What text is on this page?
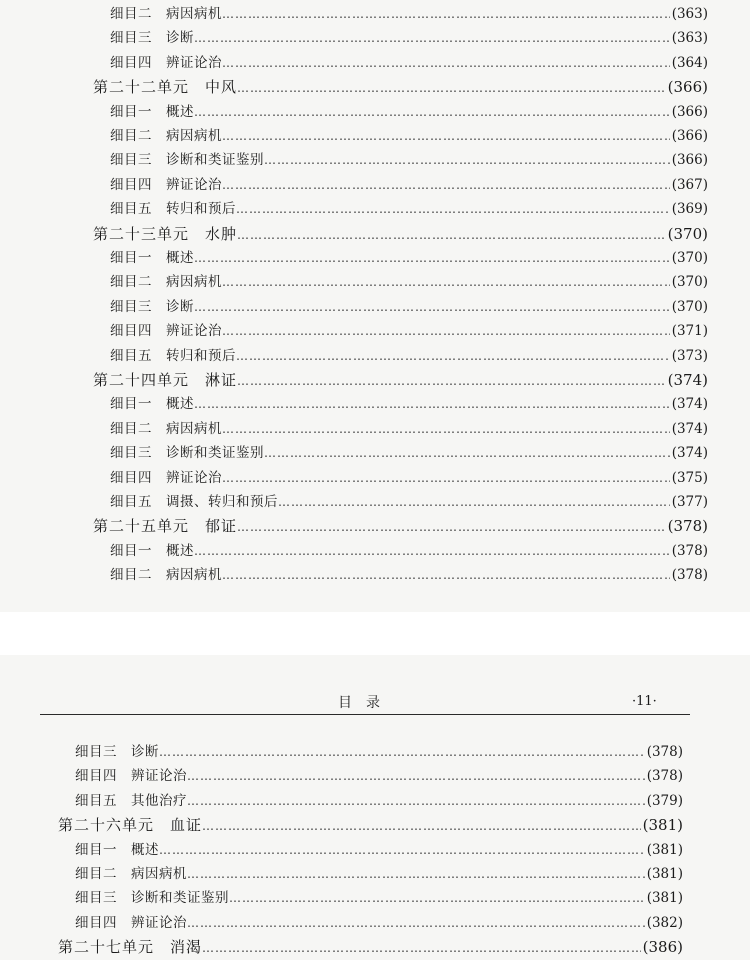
目录	·11·
细目二　病因病机 ………………………………………………………………………………………………………………………………………………………………………………	(363)
细目三　诊断 ………………………………………………………………………………………………………………………………………………………………………………	(363)
细目四　辨证论治 ………………………………………………………………………………………………………………………………………………………………………………	(364)
第二十二单元　中风 ………………………………………………………………………………………………………………………………………………………………………………	(366)
细目一　概述 ………………………………………………………………………………………………………………………………………………………………………………	(366)
细目二　病因病机 ………………………………………………………………………………………………………………………………………………………………………………	(366)
细目三　诊断和类证鉴别 ………………………………………………………………………………………………………………………………………………………………………………	(366)
细目四　辨证论治 ………………………………………………………………………………………………………………………………………………………………………………	(367)
细目五　转归和预后 ………………………………………………………………………………………………………………………………………………………………………………	(369)
第二十三单元　水肿 ………………………………………………………………………………………………………………………………………………………………………………	(370)
细目一　概述 ………………………………………………………………………………………………………………………………………………………………………………	(370)
细目二　病因病机 ………………………………………………………………………………………………………………………………………………………………………………	(370)
细目三　诊断 ………………………………………………………………………………………………………………………………………………………………………………	(370)
细目四　辨证论治 ………………………………………………………………………………………………………………………………………………………………………………	(371)
细目五　转归和预后 ………………………………………………………………………………………………………………………………………………………………………………	(373)
第二十四单元　淋证 ………………………………………………………………………………………………………………………………………………………………………………	(374)
细目一　概述 ………………………………………………………………………………………………………………………………………………………………………………	(374)
细目二　病因病机 ………………………………………………………………………………………………………………………………………………………………………………	(374)
细目三　诊断和类证鉴别 ………………………………………………………………………………………………………………………………………………………………………………	(374)
细目四　辨证论治 ………………………………………………………………………………………………………………………………………………………………………………	(375)
细目五　调摄、转归和预后 ………………………………………………………………………………………………………………………………………………………………………………	(377)
第二十五单元　郁证 ………………………………………………………………………………………………………………………………………………………………………………	(378)
细目一　概述 ………………………………………………………………………………………………………………………………………………………………………………	(378)
细目二　病因病机 ………………………………………………………………………………………………………………………………………………………………………………	(378)
细目三　诊断 ………………………………………………………………………………………………………………………………………………………………………………	(378)
细目四　辨证论治 ………………………………………………………………………………………………………………………………………………………………………………	(378)
细目五　其他治疗 ………………………………………………………………………………………………………………………………………………………………………………	(379)
第二十六单元　血证 ………………………………………………………………………………………………………………………………………………………………………………	(381)
细目一　概述 ………………………………………………………………………………………………………………………………………………………………………………	(381)
细目二　病因病机 ………………………………………………………………………………………………………………………………………………………………………………	(381)
细目三　诊断和类证鉴别 ………………………………………………………………………………………………………………………………………………………………………………	(381)
细目四　辨证论治 ………………………………………………………………………………………………………………………………………………………………………………	(382)
第二十七单元　消渴 ………………………………………………………………………………………………………………………………………………………………………………	(386)
